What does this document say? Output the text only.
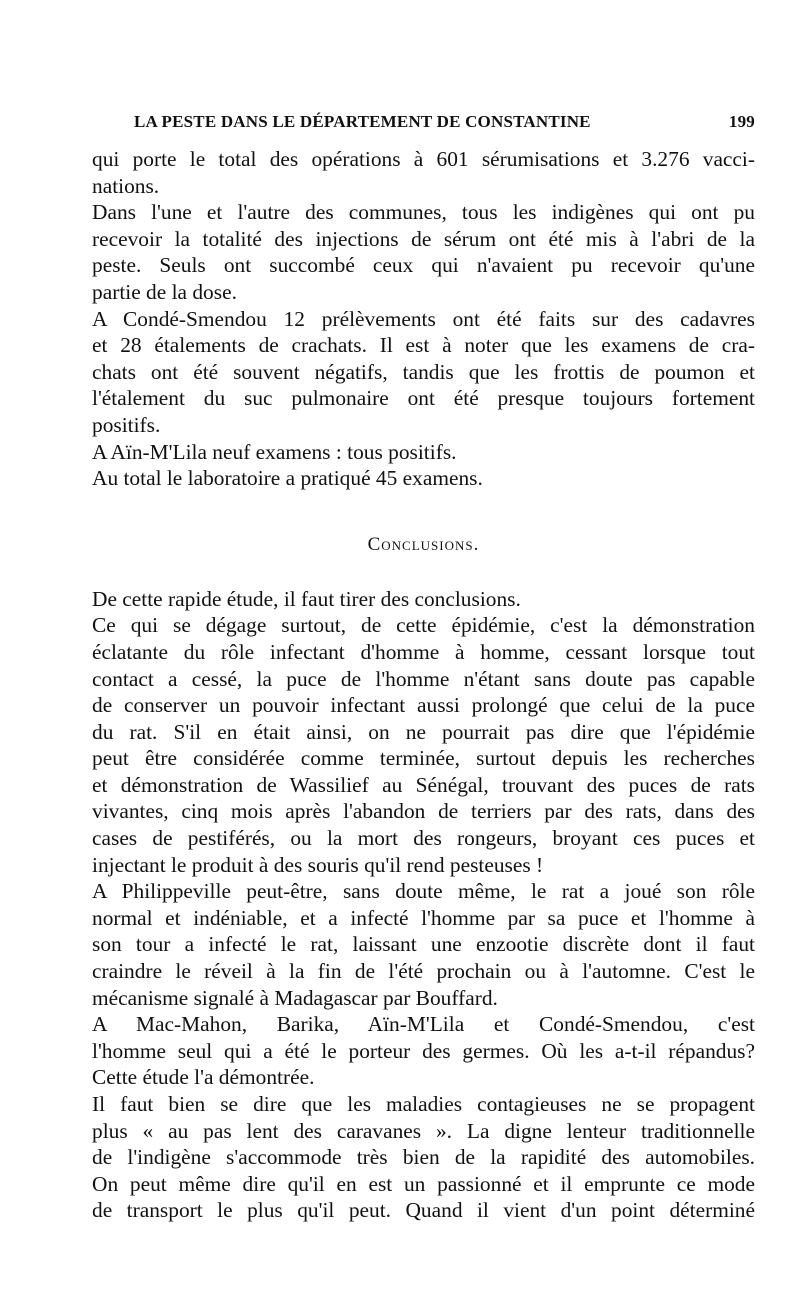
LA PESTE DANS LE DÉPARTEMENT DE CONSTANTINE	199

qui porte le total des opérations à 601 sérumisations et 3.276 vacci-
nations.

Dans l'une et l'autre des communes, tous les indigènes qui ont pu
recevoir la totalité des injections de sérum ont été mis à l'abri de la
peste. Seuls ont succombé ceux qui n'avaient pu recevoir qu'une
partie de la dose.

A Condé-Smendou 12 prélèvements ont été faits sur des cadavres
et 28 étalements de crachats. Il est à noter que les examens de cra-
chats ont été souvent négatifs, tandis que les frottis de poumon et
l'étalement du suc pulmonaire ont été presque toujours fortement
positifs.

A Aïn-M'Lila neuf examens : tous positifs.

Au total le laboratoire a pratiqué 45 examens.

Conclusions.

De cette rapide étude, il faut tirer des conclusions.

Ce qui se dégage surtout, de cette épidémie, c'est la démonstration
éclatante du rôle infectant d'homme à homme, cessant lorsque tout
contact a cessé, la puce de l'homme n'étant sans doute pas capable
de conserver un pouvoir infectant aussi prolongé que celui de la puce
du rat. S'il en était ainsi, on ne pourrait pas dire que l'épidémie
peut être considérée comme terminée, surtout depuis les recherches
et démonstration de Wassilief au Sénégal, trouvant des puces de rats
vivantes, cinq mois après l'abandon de terriers par des rats, dans des
cases de pestiférés, ou la mort des rongeurs, broyant ces puces et
injectant le produit à des souris qu'il rend pesteuses !

A Philippeville peut-être, sans doute même, le rat a joué son rôle
normal et indéniable, et a infecté l'homme par sa puce et l'homme à
son tour a infecté le rat, laissant une enzootie discrète dont il faut
craindre le réveil à la fin de l'été prochain ou à l'automne. C'est le
mécanisme signalé à Madagascar par Bouffard.

A Mac-Mahon, Barika, Aïn-M'Lila et Condé-Smendou, c'est
l'homme seul qui a été le porteur des germes. Où les a-t-il répandus?
Cette étude l'a démontrée.

Il faut bien se dire que les maladies contagieuses ne se propagent
plus « au pas lent des caravanes ». La digne lenteur traditionnelle
de l'indigène s'accommode très bien de la rapidité des automobiles.
On peut même dire qu'il en est un passionné et il emprunte ce mode
de transport le plus qu'il peut. Quand il vient d'un point déterminé
